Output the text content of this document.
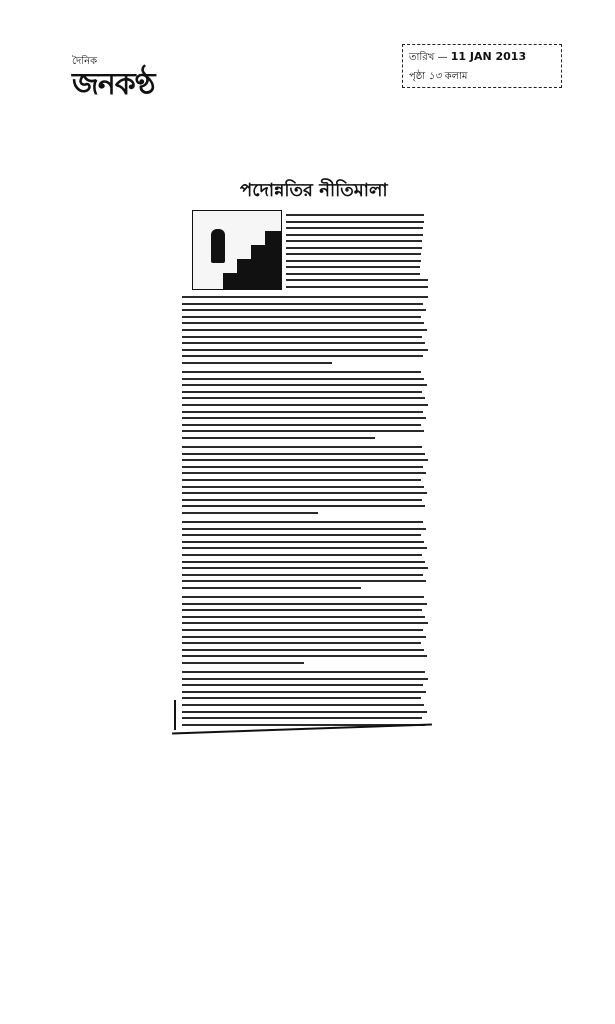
দৈনিক
জনকণ্ঠ
তারিখ — 11 JAN 2013
পৃষ্ঠা ১৩ কলাম
পদোন্নতির নীতিমালা
